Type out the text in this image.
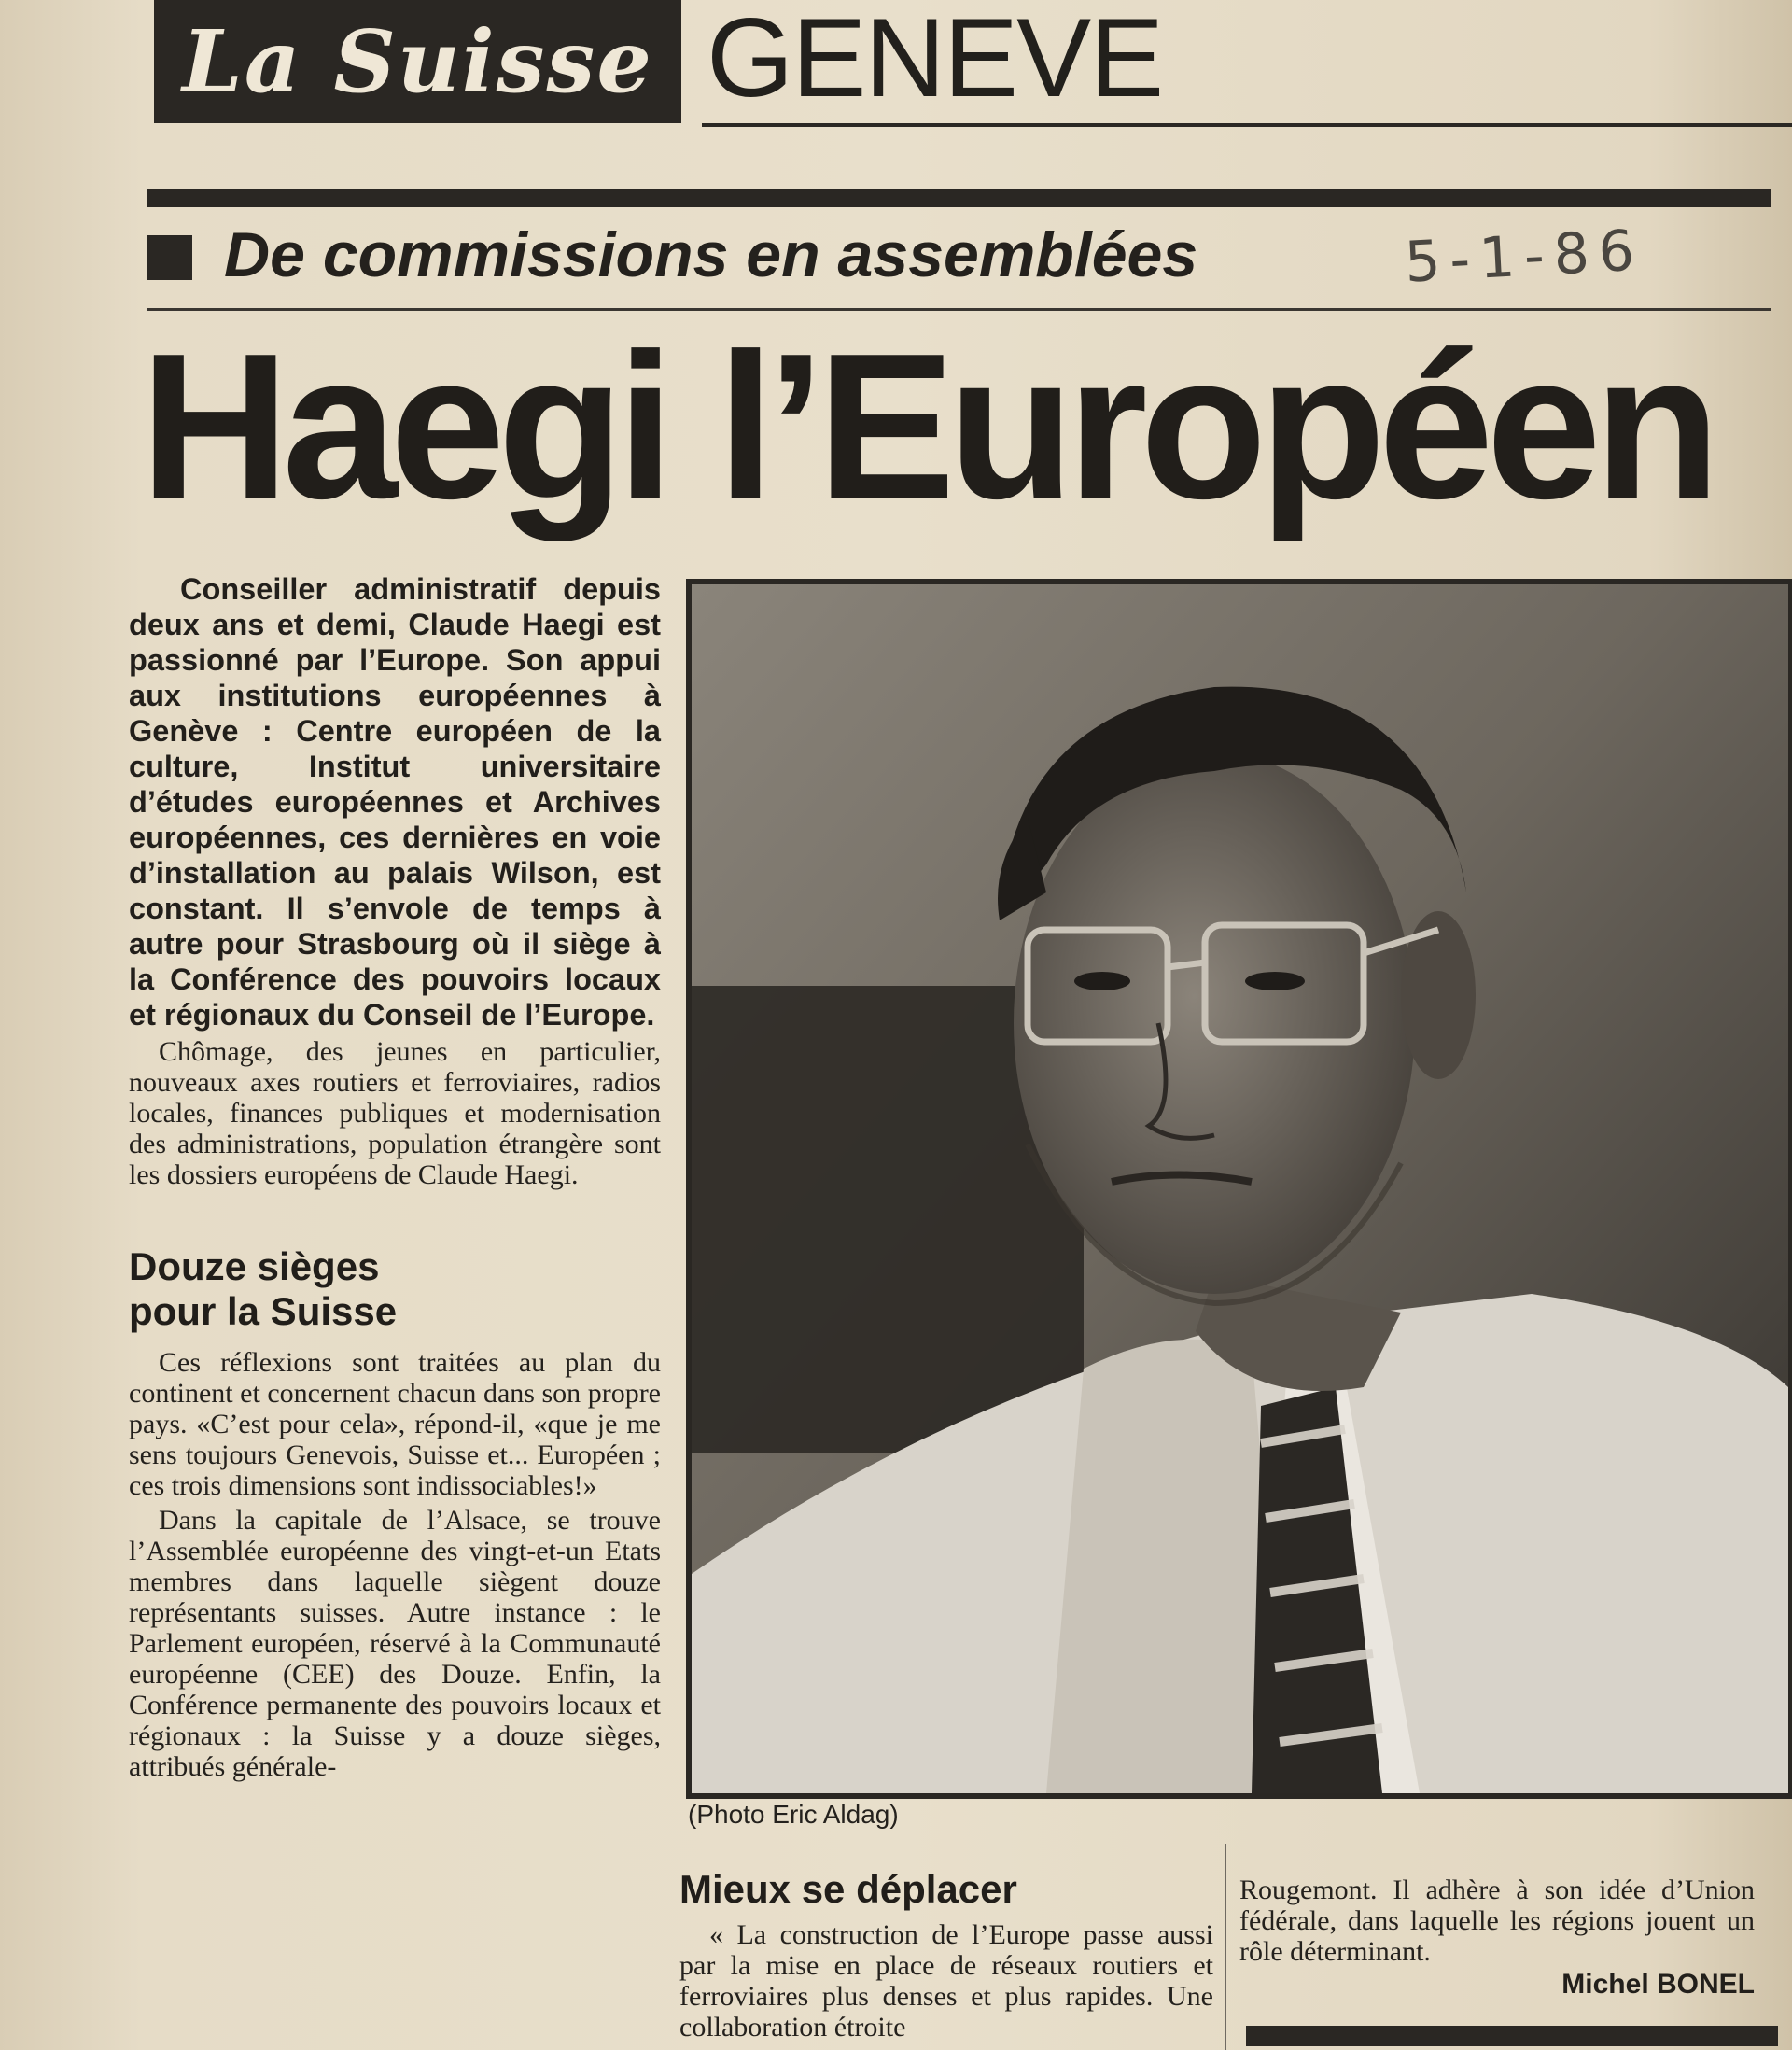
La Suisse GENEVE
De commissions en assemblées	5-1-86
Haegi l’Européen

Conseiller administratif depuis deux ans et demi, Claude Haegi est passionné par l’Europe. Son appui aux institutions européennes à Genève : Centre européen de la culture, Institut universitaire d’études européennes et Archives européennes, ces dernières en voie d’installation au palais Wilson, est constant. Il s’envole de temps à autre pour Strasbourg où il siège à la Conférence des pouvoirs locaux et régionaux du Conseil de l’Europe.

Chômage, des jeunes en particulier, nouveaux axes routiers et ferroviaires, radios locales, finances publiques et modernisation des administrations, population étrangère sont les dossiers européens de Claude Haegi.

Douze sièges
pour la Suisse

Ces réflexions sont traitées au plan du continent et concernent chacun dans son propre pays. «C’est pour cela», répond-il, «que je me sens toujours Genevois, Suisse et... Européen ; ces trois dimensions sont indissociables!»

Dans la capitale de l’Alsace, se trouve l’Assemblée européenne des vingt-et-un Etats membres dans laquelle siègent douze représentants suisses. Autre instance : le Parlement européen, réservé à la Communauté européenne (CEE) des Douze. Enfin, la Conférence permanente des pouvoirs locaux et régionaux : la Suisse y a douze sièges, attribués générale-

(Photo Eric Aldag)
Mieux se déplacer

« La construction de l’Europe passe aussi par la mise en place de réseaux routiers et ferroviaires plus denses et plus rapides. Une collaboration étroite

Rougemont. Il adhère à son idée d’Union fédérale, dans laquelle les régions jouent un rôle déterminant.

Michel BONEL
